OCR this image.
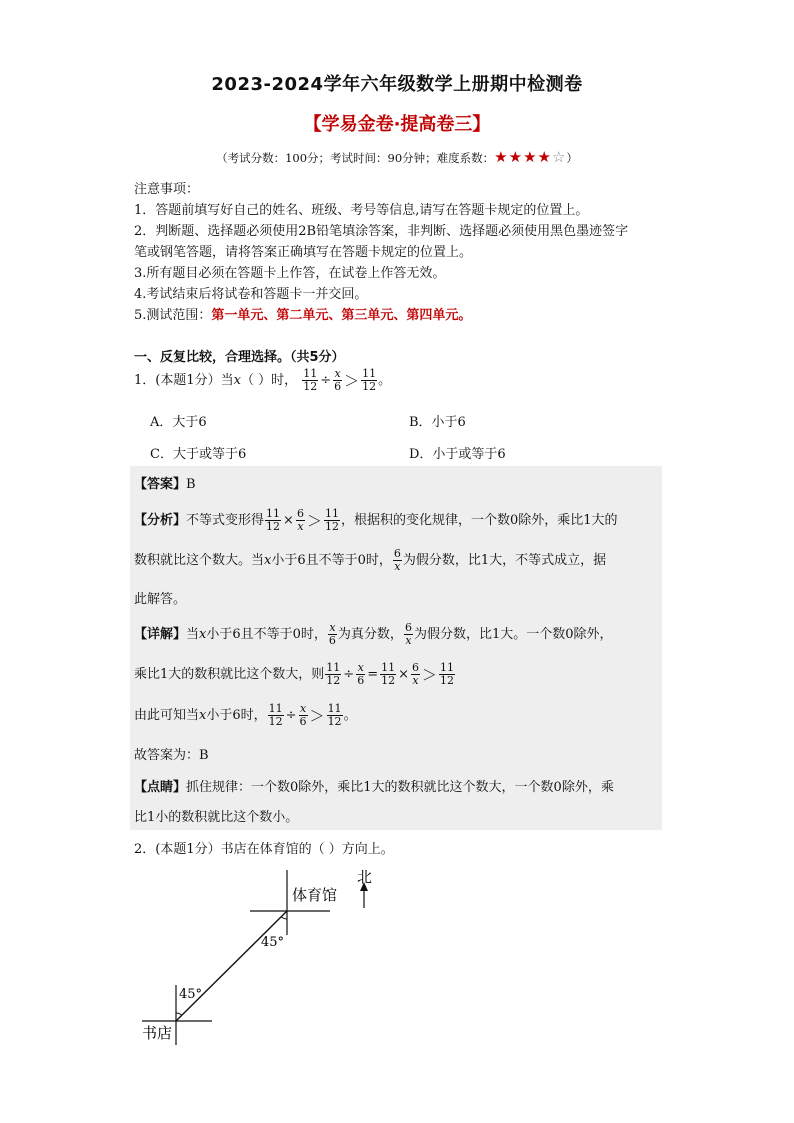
2023-2024学年六年级数学上册期中检测卷
【学易金卷·提高卷三】
（考试分数：100分；考试时间：90分钟；难度系数：★★★★☆）
注意事项：
1．答题前填写好自己的姓名、班级、考号等信息,请写在答题卡规定的位置上。
2．判断题、选择题必须使用2B铅笔填涂答案，非判断、选择题必须使用黑色墨迹签字
笔或钢笔答题，请将答案正确填写在答题卡规定的位置上。
3.所有题目必须在答题卡上作答，在试卷上作答无效。
4.考试结束后将试卷和答题卡一并交回。
5.测试范围：第一单元、第二单元、第三单元、第四单元。
一、反复比较，合理选择。（共5分）
1．(本题1分）当x（ ）时， $\frac{11}{12} \div \frac{x}{6} > \frac{11}{12}$ 。
A．大于6	B．小于6
C．大于或等于6	D．小于或等于6
【答案】B
【分析】不等式变形得 $\frac{11}{12} \times \frac{6}{x} > \frac{11}{12}$ ，根据积的变化规律，一个数0除外，乘比1大的
数积就比这个数大。当x小于6且不等于0时， $\frac{6}{x}$ 为假分数，比1大，不等式成立，据
此解答。
【详解】当x小于6且不等于0时， $\frac{x}{6}$ 为真分数， $\frac{6}{x}$ 为假分数，比1大。一个数0除外，
乘比1大的数积就比这个数大，则 $\frac{11}{12} \div \frac{x}{6} = \frac{11}{12} \times \frac{6}{x} > \frac{11}{12}$
由此可知当x小于6时， $\frac{11}{12} \div \frac{x}{6} > \frac{11}{12}$ 。
故答案为：B
【点睛】抓住规律：一个数0除外，乘比1大的数积就比这个数大，一个数0除外，乘
比1小的数积就比这个数小。
2．(本题1分）书店在体育馆的（ ）方向上。
北
体育馆
45°
45°
书店
